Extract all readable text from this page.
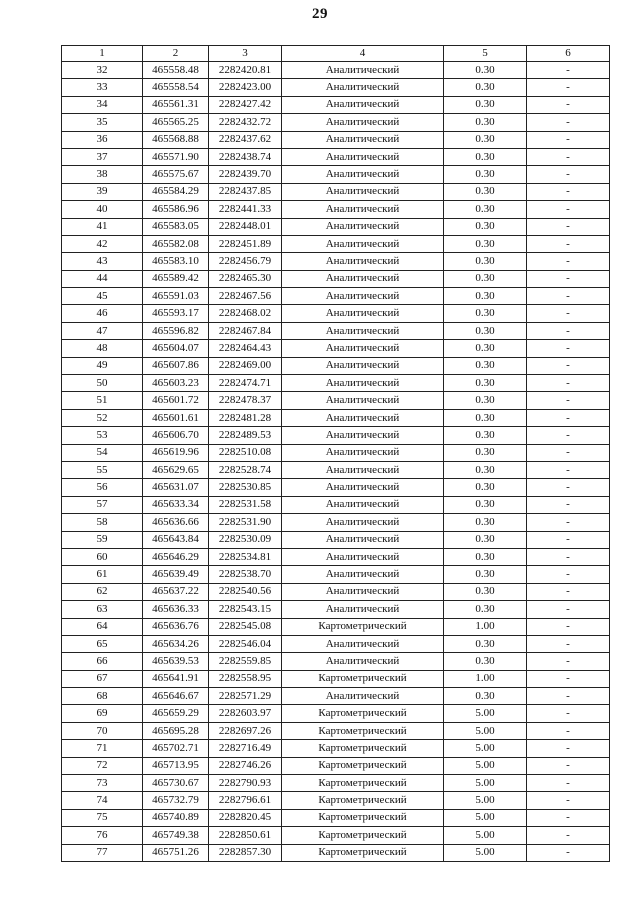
29
1	2	3	4	5	6
32	465558.48	2282420.81	Аналитический	0.30	-
33	465558.54	2282423.00	Аналитический	0.30	-
34	465561.31	2282427.42	Аналитический	0.30	-
35	465565.25	2282432.72	Аналитический	0.30	-
36	465568.88	2282437.62	Аналитический	0.30	-
37	465571.90	2282438.74	Аналитический	0.30	-
38	465575.67	2282439.70	Аналитический	0.30	-
39	465584.29	2282437.85	Аналитический	0.30	-
40	465586.96	2282441.33	Аналитический	0.30	-
41	465583.05	2282448.01	Аналитический	0.30	-
42	465582.08	2282451.89	Аналитический	0.30	-
43	465583.10	2282456.79	Аналитический	0.30	-
44	465589.42	2282465.30	Аналитический	0.30	-
45	465591.03	2282467.56	Аналитический	0.30	-
46	465593.17	2282468.02	Аналитический	0.30	-
47	465596.82	2282467.84	Аналитический	0.30	-
48	465604.07	2282464.43	Аналитический	0.30	-
49	465607.86	2282469.00	Аналитический	0.30	-
50	465603.23	2282474.71	Аналитический	0.30	-
51	465601.72	2282478.37	Аналитический	0.30	-
52	465601.61	2282481.28	Аналитический	0.30	-
53	465606.70	2282489.53	Аналитический	0.30	-
54	465619.96	2282510.08	Аналитический	0.30	-
55	465629.65	2282528.74	Аналитический	0.30	-
56	465631.07	2282530.85	Аналитический	0.30	-
57	465633.34	2282531.58	Аналитический	0.30	-
58	465636.66	2282531.90	Аналитический	0.30	-
59	465643.84	2282530.09	Аналитический	0.30	-
60	465646.29	2282534.81	Аналитический	0.30	-
61	465639.49	2282538.70	Аналитический	0.30	-
62	465637.22	2282540.56	Аналитический	0.30	-
63	465636.33	2282543.15	Аналитический	0.30	-
64	465636.76	2282545.08	Картометрический	1.00	-
65	465634.26	2282546.04	Аналитический	0.30	-
66	465639.53	2282559.85	Аналитический	0.30	-
67	465641.91	2282558.95	Картометрический	1.00	-
68	465646.67	2282571.29	Аналитический	0.30	-
69	465659.29	2282603.97	Картометрический	5.00	-
70	465695.28	2282697.26	Картометрический	5.00	-
71	465702.71	2282716.49	Картометрический	5.00	-
72	465713.95	2282746.26	Картометрический	5.00	-
73	465730.67	2282790.93	Картометрический	5.00	-
74	465732.79	2282796.61	Картометрический	5.00	-
75	465740.89	2282820.45	Картометрический	5.00	-
76	465749.38	2282850.61	Картометрический	5.00	-
77	465751.26	2282857.30	Картометрический	5.00	-
